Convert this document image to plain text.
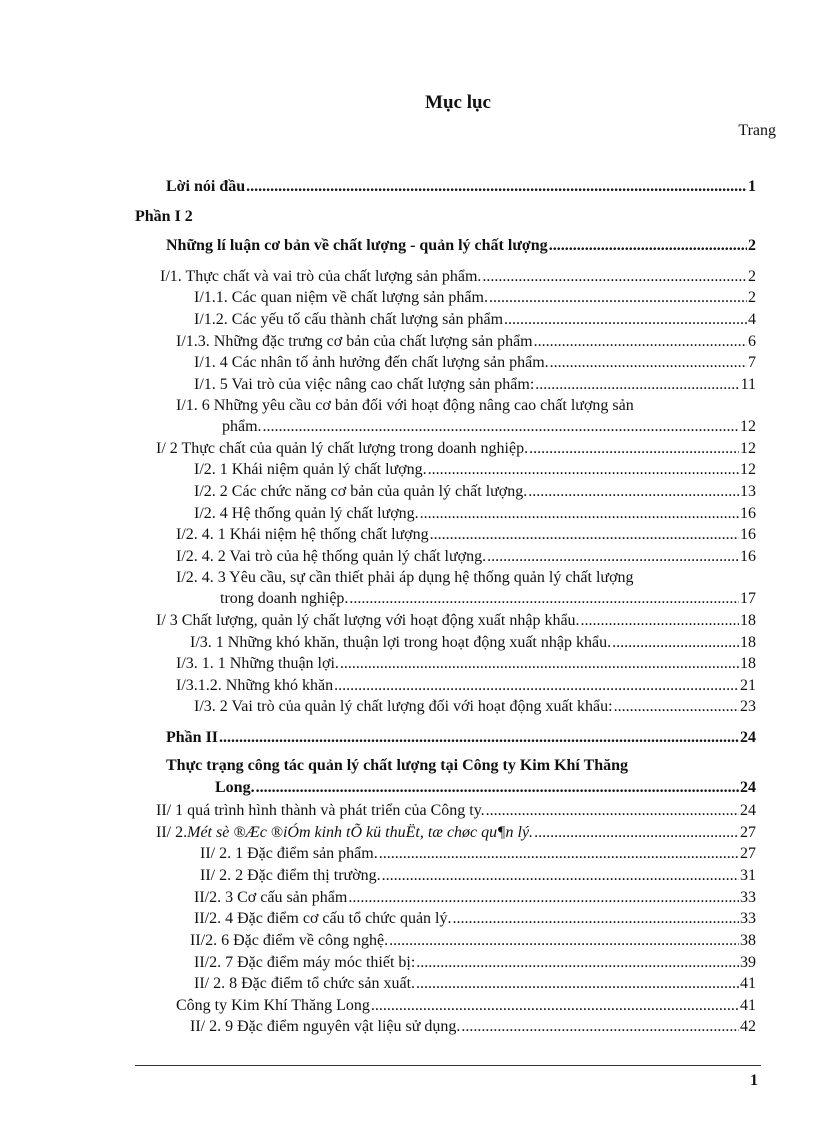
Mục lục
Trang
Lời nói đầu .....	1
Phần I 2
Những lí luận cơ bản về chất lượng - quản lý chất lượng .....	2
I/1. Thực chất và vai trò của chất lượng sản phẩm. .....	2
I/1.1. Các quan niệm về chất lượng sản phẩm. .....	2
I/1.2. Các yếu tố cấu thành chất lượng sản phẩm .....	4
I/1.3. Những đặc trưng cơ bản của chất lượng sản phẩm .....	6
I/1. 4 Các nhân tố ảnh hưởng đến chất lượng sản phẩm. .....	7
I/1. 5 Vai trò của việc nâng cao chất lượng sản phẩm: .....	11
I/1. 6 Những yêu cầu cơ bản đối với hoạt động nâng cao chất lượng sản
phẩm. .....	12
I/ 2 Thực chất của quản lý chất lượng trong doanh nghiệp. .....	12
I/2. 1 Khái niệm quản lý chất lượng. .....	12
I/2. 2 Các chức năng cơ bản của quản lý chất lượng. .....	13
I/2. 4 Hệ thống quản lý chất lượng. .....	16
I/2. 4. 1 Khái niệm hệ thống chất lượng .....	16
I/2. 4. 2 Vai trò của hệ thống quản lý chất lượng. .....	16
I/2. 4. 3 Yêu cầu, sự cần thiết phải áp dụng hệ thống quản lý chất lượng
trong doanh nghiệp. .....	17
I/ 3 Chất lượng, quản lý chất lượng với hoạt động xuất nhập khẩu. .....	18
I/3. 1 Những khó khăn, thuận lợi trong hoạt động xuất nhập khẩu. .....	18
I/3. 1. 1 Những thuận lợi. .....	18
I/3.1.2. Những khó khăn .....	21
I/3. 2 Vai trò của quản lý chất lượng đối với hoạt động xuất khẩu: .....	23
Phần II .....	24
Thực trạng công tác quản lý chất lượng tại Công ty Kim Khí Thăng
Long. .....	24
II/ 1 quá trình hình thành và phát triển của Công ty. .....	24
II/ 2. Mét sè ®Æc ®iÓm kinh tÕ kü thuËt, tæ chøc qu¶n lý. .....	27
II/ 2. 1 Đặc điểm sản phẩm. .....	27
II/ 2. 2 Đặc điểm thị trường. .....	31
II/2. 3 Cơ cấu sản phẩm .....	33
II/2. 4 Đặc điểm cơ cấu tổ chức quản lý. .....	33
II/2. 6 Đặc điểm về công nghệ. .....	38
II/2. 7 Đặc điểm máy móc thiết bị: .....	39
II/ 2. 8 Đặc điểm tổ chức sản xuất. .....	41
Công ty Kim Khí Thăng Long .....	41
II/ 2. 9 Đặc điểm nguyên vật liệu sử dụng. .....	42
1
